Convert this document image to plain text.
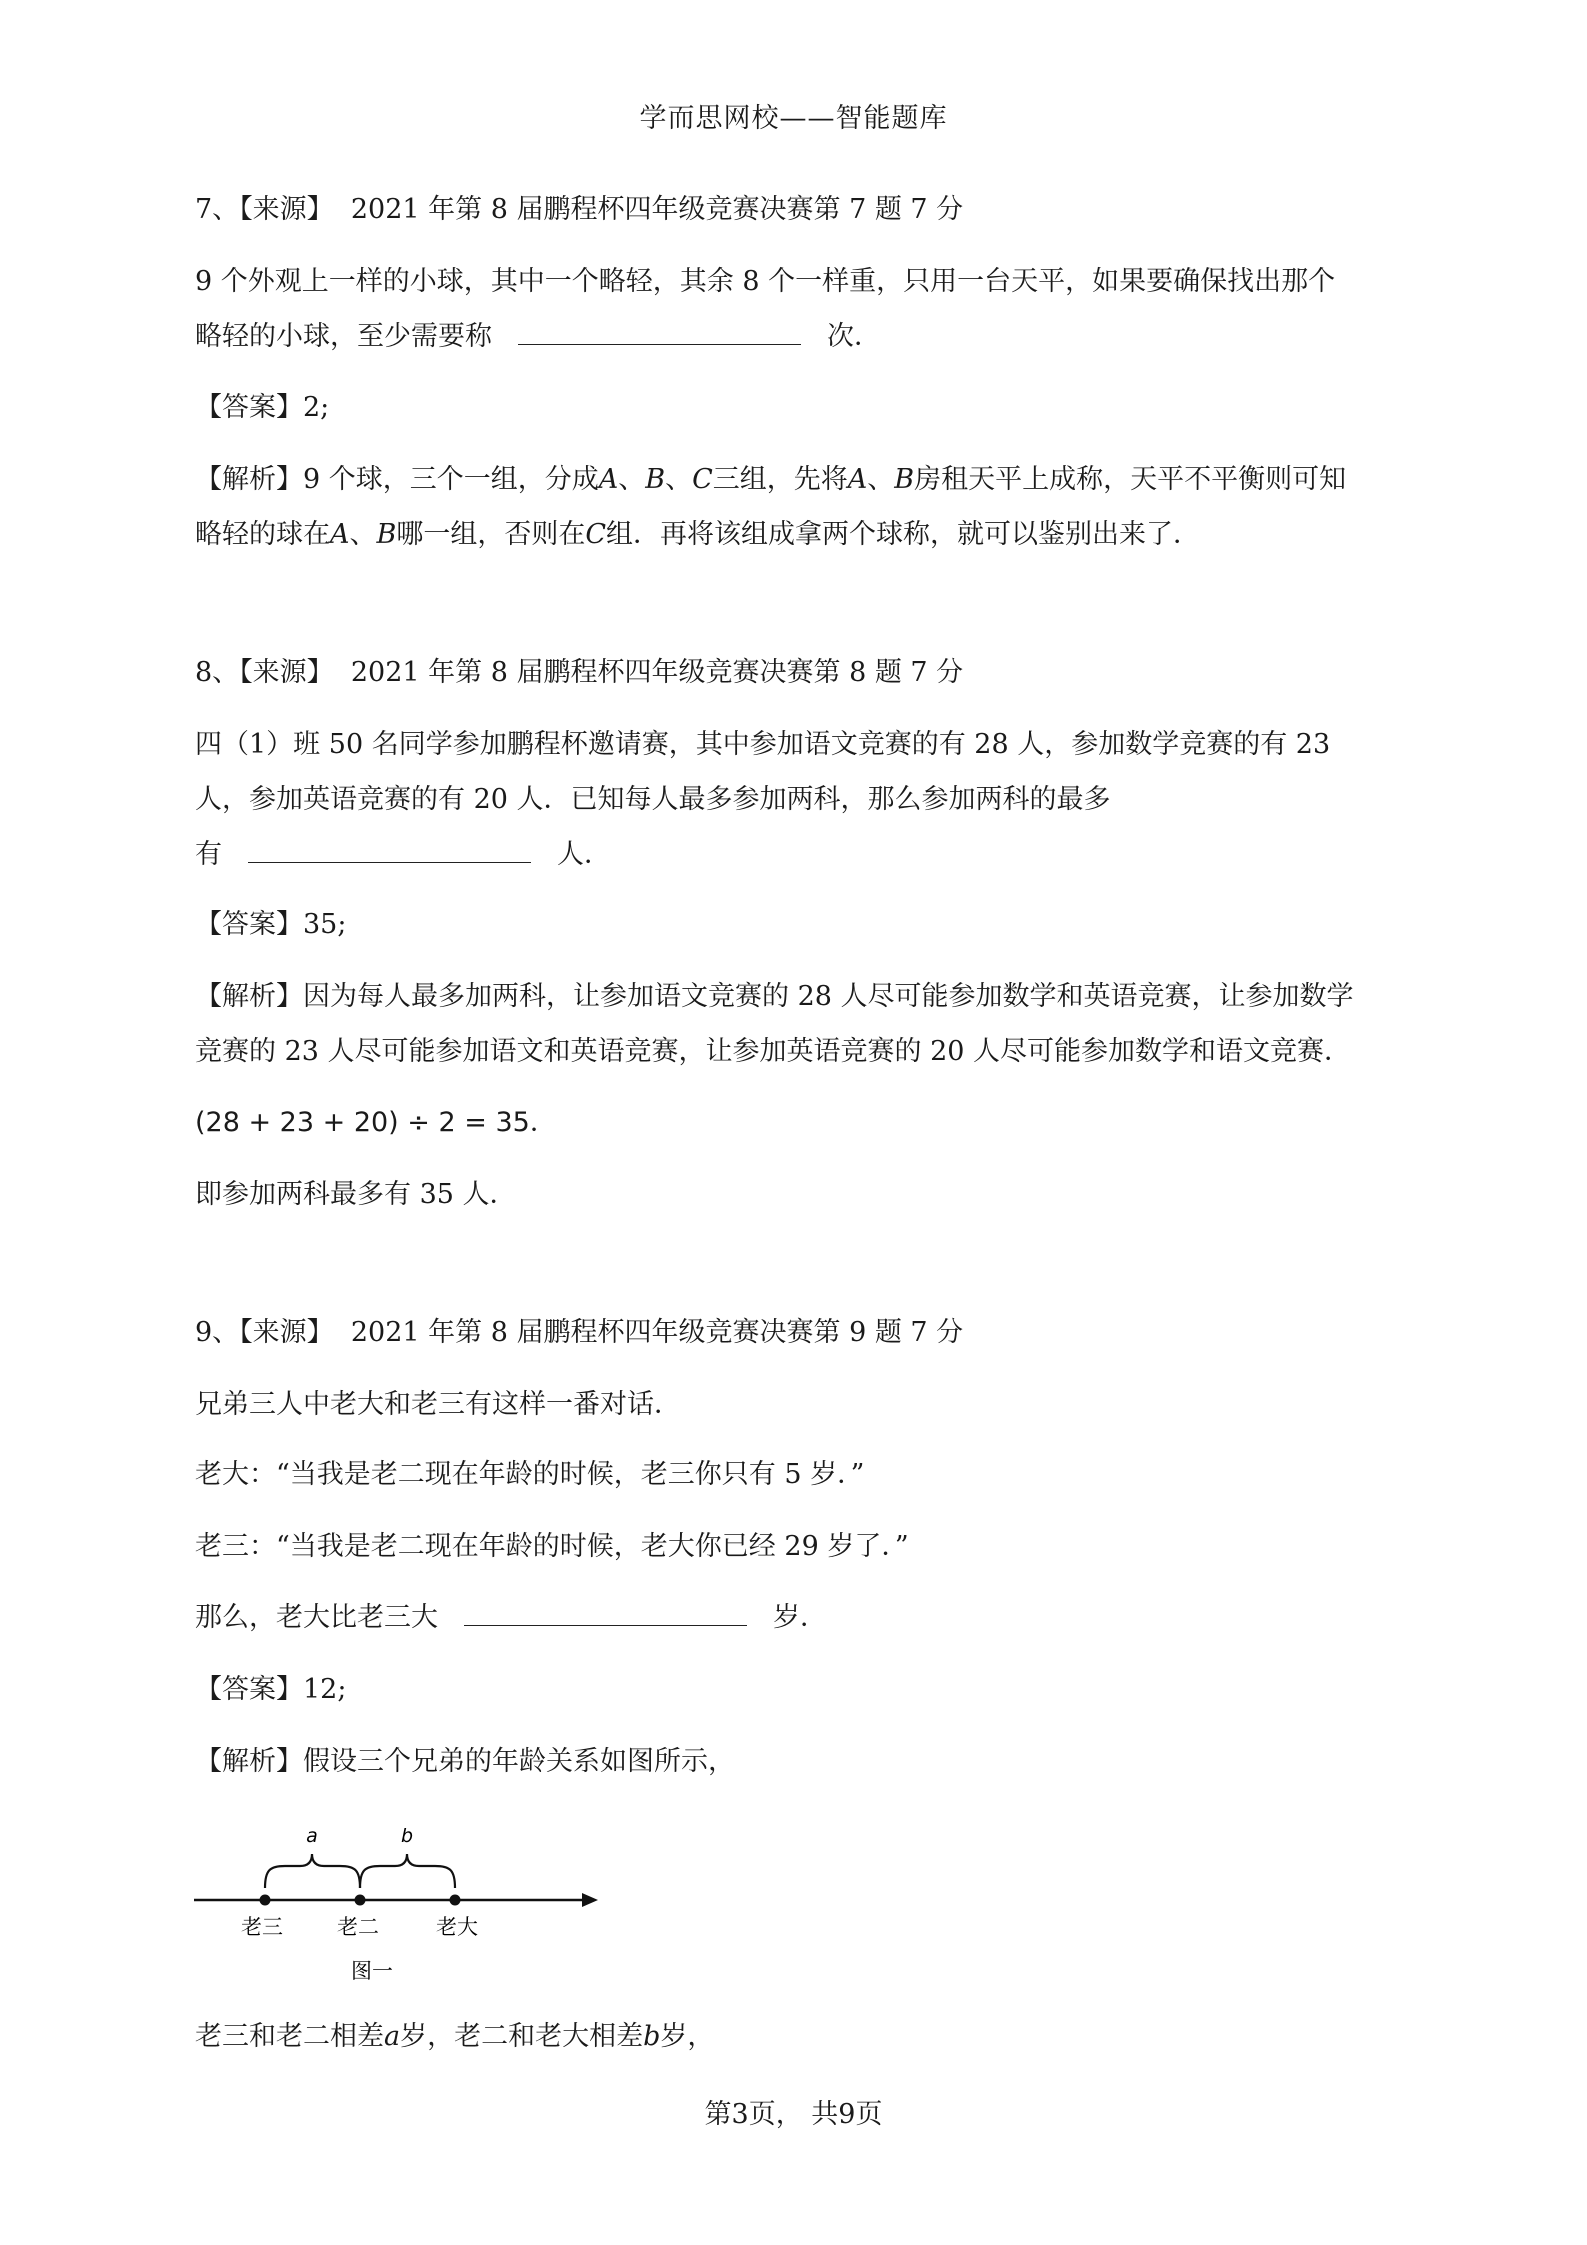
学而思网校——智能题库
7、【来源】 2021 年第 8 届鹏程杯四年级竞赛决赛第 7 题 7 分
9 个外观上一样的小球，其中一个略轻，其余 8 个一样重，只用一台天平，如果要确保找出那个
略轻的小球，至少需要称	次．
【答案】2;
【解析】9 个球，三个一组，分成𝐴、𝐵、𝐶三组，先将𝐴、𝐵房租天平上成称，天平不平衡则可知
略轻的球在𝐴、𝐵哪一组，否则在𝐶组．再将该组成拿两个球称，就可以鉴别出来了．
8、【来源】 2021 年第 8 届鹏程杯四年级竞赛决赛第 8 题 7 分
四（1）班 50 名同学参加鹏程杯邀请赛，其中参加语文竞赛的有 28 人，参加数学竞赛的有 23
人，参加英语竞赛的有 20 人．已知每人最多参加两科，那么参加两科的最多
有	人．
【答案】35;
【解析】因为每人最多加两科，让参加语文竞赛的 28 人尽可能参加数学和英语竞赛，让参加数学
竞赛的 23 人尽可能参加语文和英语竞赛，让参加英语竞赛的 20 人尽可能参加数学和语文竞赛．
(28 + 23 + 20) ÷ 2 = 35．
即参加两科最多有 35 人．
9、【来源】 2021 年第 8 届鹏程杯四年级竞赛决赛第 9 题 7 分
兄弟三人中老大和老三有这样一番对话．
老大：“当我是老二现在年龄的时候，老三你只有 5 岁．”
老三：“当我是老二现在年龄的时候，老大你已经 29 岁了．”
那么，老大比老三大	岁．
【答案】12;
【解析】假设三个兄弟的年龄关系如图所示，
a	b
老三	老二	老大
图一
老三和老二相差𝑎岁，老二和老大相差𝑏岁，
第3页， 共9页
